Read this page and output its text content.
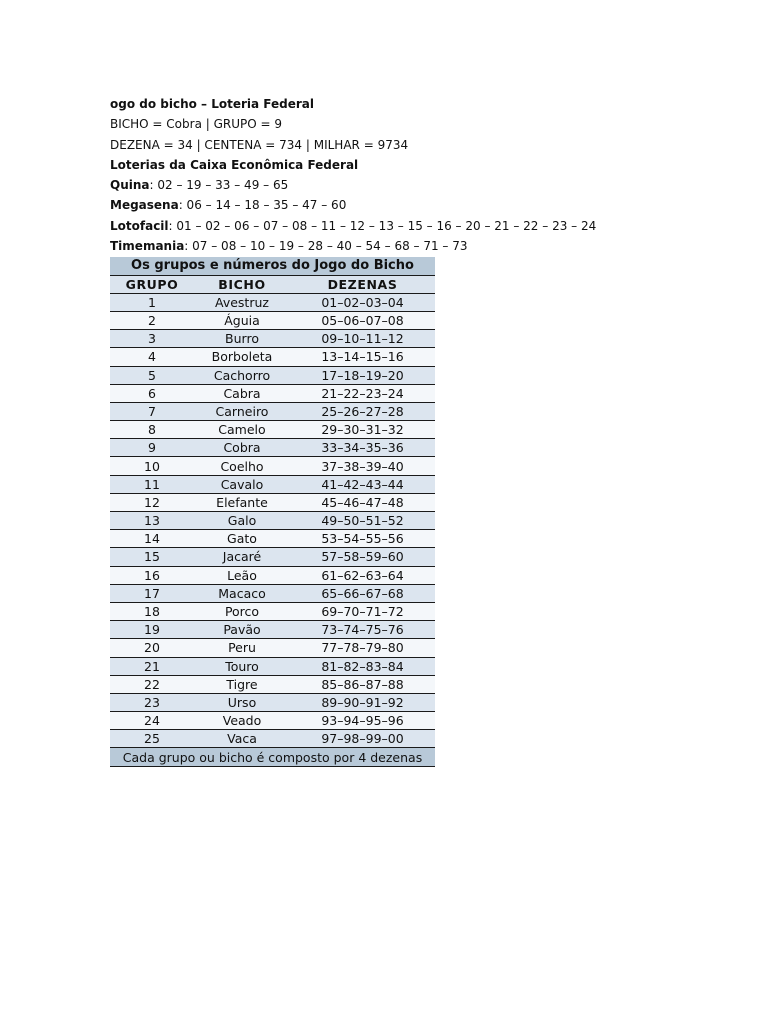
ogo do bicho – Loteria Federal
BICHO = Cobra | GRUPO = 9
DEZENA = 34 | CENTENA = 734 | MILHAR = 9734
Loterias da Caixa Econômica Federal
Quina: 02 – 19 – 33 – 49 – 65
Megasena: 06 – 14 – 18 – 35 – 47 – 60
Lotofacil: 01 – 02 – 06 – 07 – 08 – 11 – 12 – 13 – 15 – 16 – 20 – 21 – 22 – 23 – 24
Timemania: 07 – 08 – 10 – 19 – 28 – 40 – 54 – 68 – 71 – 73
Os grupos e números do Jogo do Bicho		
GRUPO	BICHO	DEZENAS
1	Avestruz	01–02–03–04
2	Águia	05–06–07–08
3	Burro	09–10–11–12
4	Borboleta	13–14–15–16
5	Cachorro	17–18–19–20
6	Cabra	21–22–23–24
7	Carneiro	25–26–27–28
8	Camelo	29–30–31–32
9	Cobra	33–34–35–36
10	Coelho	37–38–39–40
11	Cavalo	41–42–43–44
12	Elefante	45–46–47–48
13	Galo	49–50–51–52
14	Gato	53–54–55–56
15	Jacaré	57–58–59–60
16	Leão	61–62–63–64
17	Macaco	65–66–67–68
18	Porco	69–70–71–72
19	Pavão	73–74–75–76
20	Peru	77–78–79–80
21	Touro	81–82–83–84
22	Tigre	85–86–87–88
23	Urso	89–90–91–92
24	Veado	93–94–95–96
25	Vaca	97–98–99–00
Cada grupo ou bicho é composto por 4 dezenas		
